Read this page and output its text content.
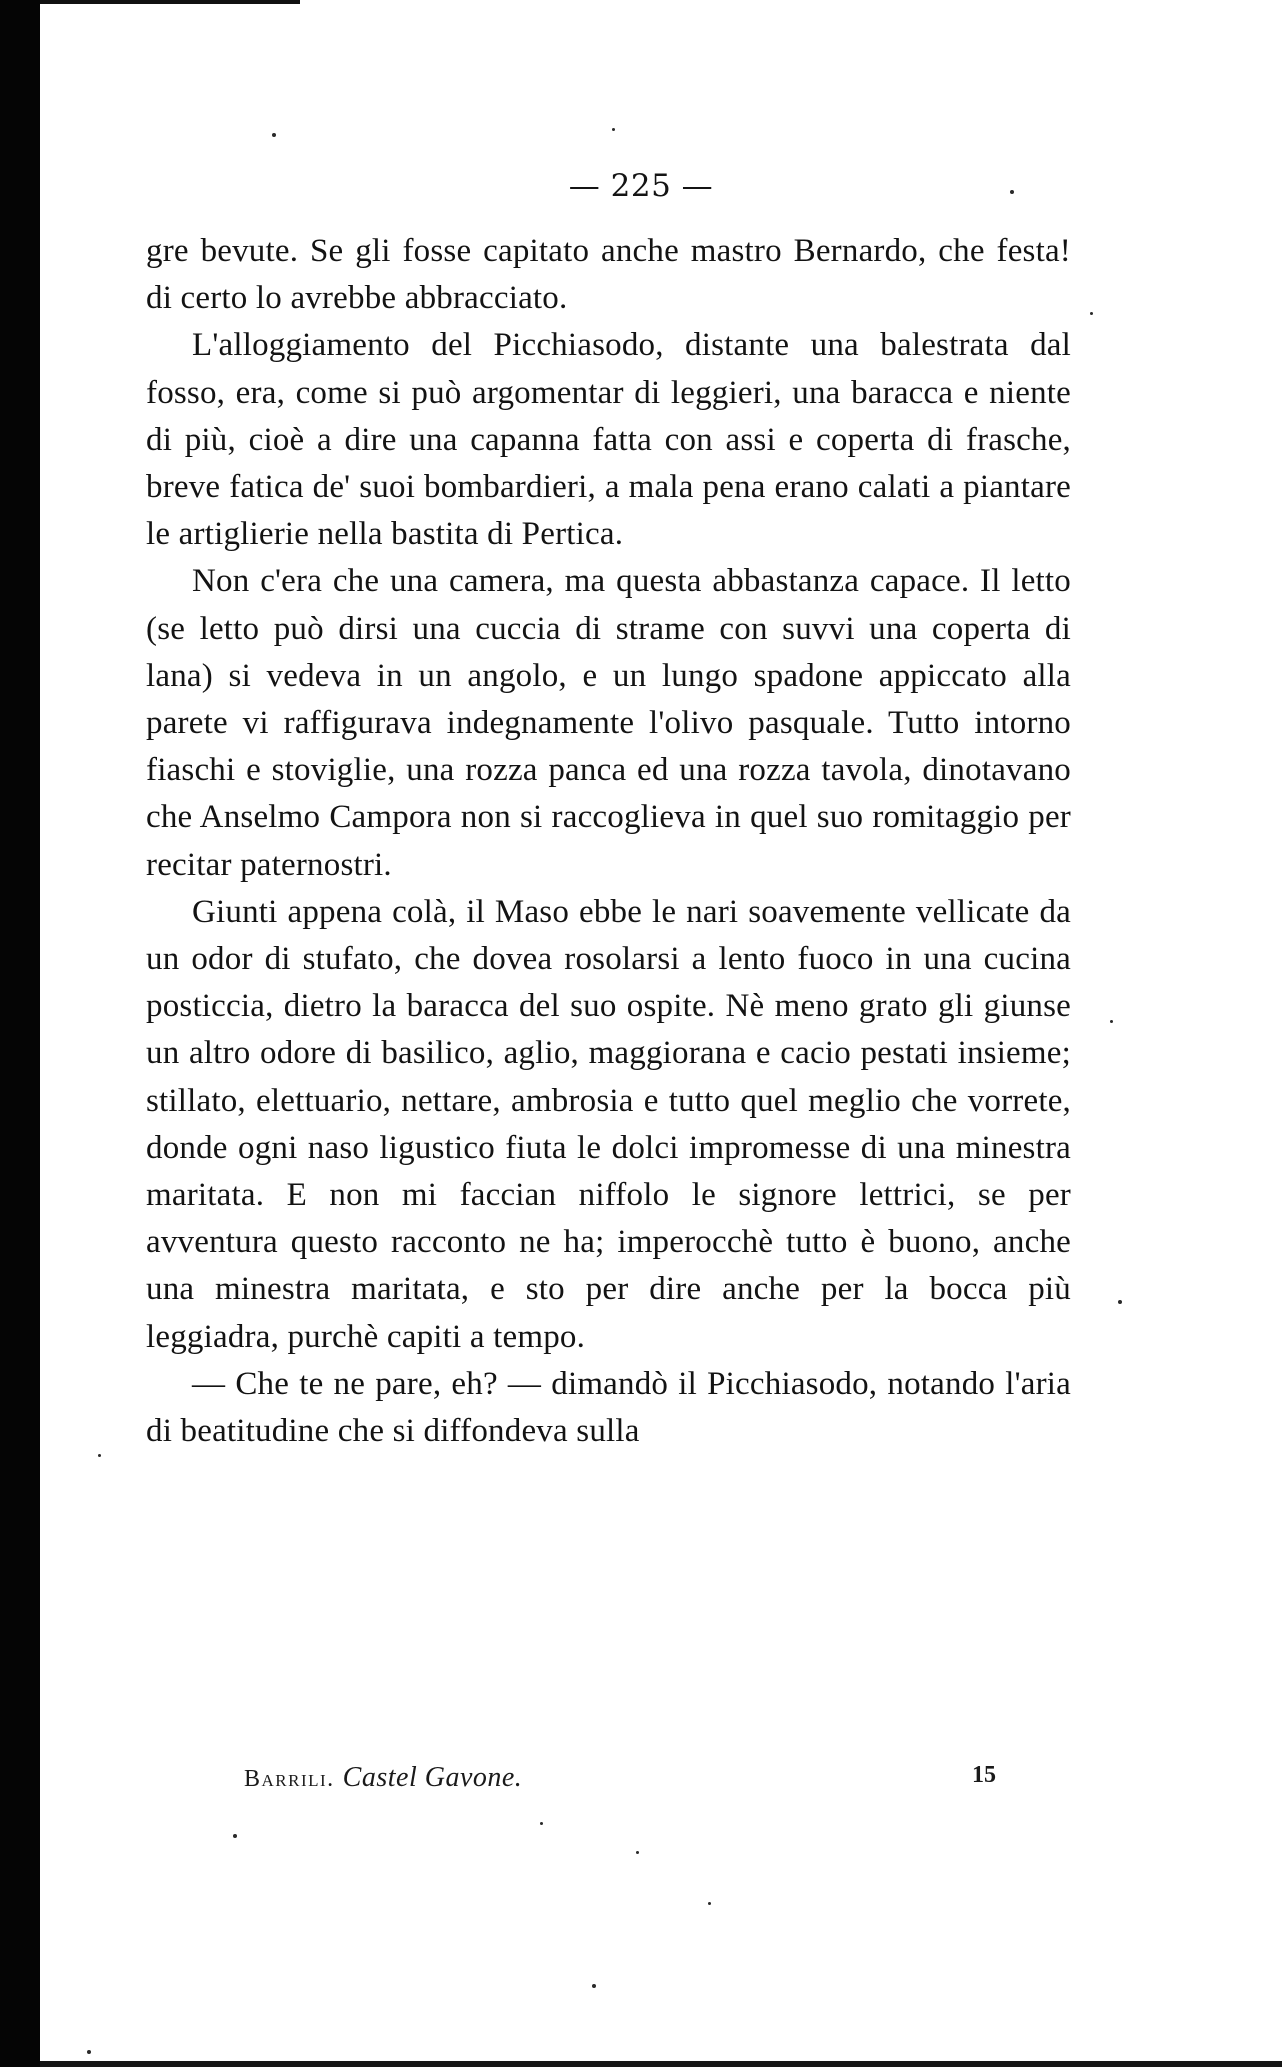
— 225 —

gre bevute. Se gli fosse capitato anche mastro Bernardo, che festa! di certo lo avrebbe abbracciato.

L'alloggiamento del Picchiasodo, distante una balestrata dal fosso, era, come si può argomentar di leggieri, una baracca e niente di più, cioè a dire una capanna fatta con assi e coperta di frasche, breve fatica de' suoi bombardieri, a mala pena erano calati a piantare le artiglierie nella bastita di Pertica.

Non c'era che una camera, ma questa abbastanza capace. Il letto (se letto può dirsi una cuccia di strame con suvvi una coperta di lana) si vedeva in un angolo, e un lungo spadone appiccato alla parete vi raffigurava indegnamente l'olivo pasquale. Tutto intorno fiaschi e stoviglie, una rozza panca ed una rozza tavola, dinotavano che Anselmo Campora non si raccoglieva in quel suo romitaggio per recitar paternostri.

Giunti appena colà, il Maso ebbe le nari soavemente vellicate da un odor di stufato, che dovea rosolarsi a lento fuoco in una cucina posticcia, dietro la baracca del suo ospite. Nè meno grato gli giunse un altro odore di basilico, aglio, maggiorana e cacio pestati insieme; stillato, elettuario, nettare, ambrosia e tutto quel meglio che vorrete, donde ogni naso ligustico fiuta le dolci impromesse di una minestra maritata. E non mi faccian niffolo le signore lettrici, se per avventura questo racconto ne ha; imperocchè tutto è buono, anche una minestra maritata, e sto per dire anche per la bocca più leggiadra, purchè capiti a tempo.

— Che te ne pare, eh? — dimandò il Picchiasodo, notando l'aria di beatitudine che si diffondeva sulla

Barrili. Castel Gavone.	15
